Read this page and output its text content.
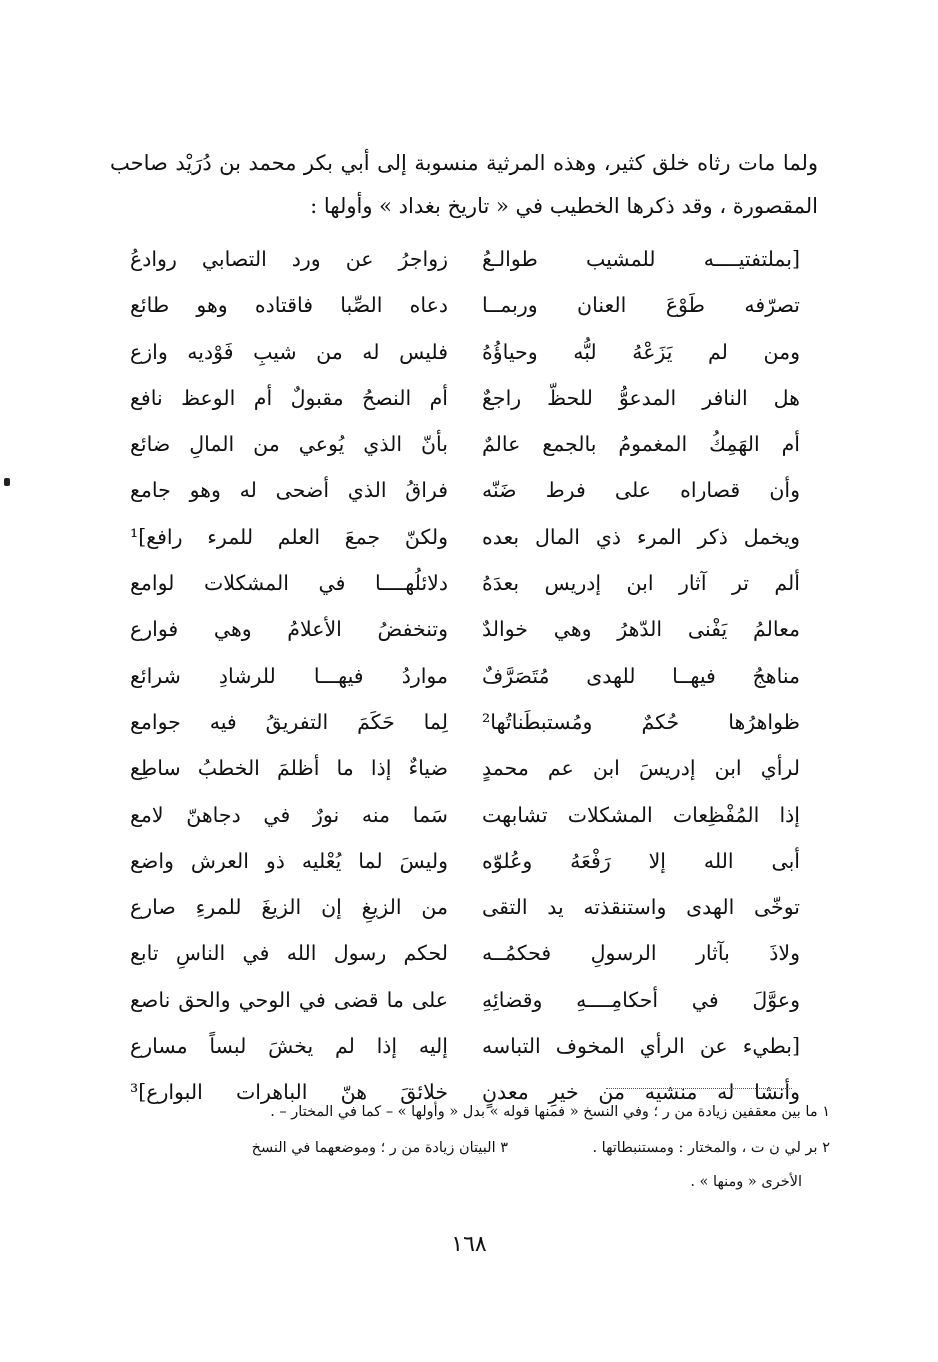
ولما مات رثاه خلق كثير، وهذه المرثية منسوبة إلى أبي بكر محمد بن دُرَيْد صاحب المقصورة ، وقد ذكرها الخطيب في « تاريخ بغداد » وأولها :
[بملتفتيــــه للمشيب طوالـعُ
زواجرُ عن ورد التصابي روادعُ
تصرّفه طَوْعَ العنان وربمــا
دعاه الصِّبا فاقتاده وهو طائع
ومن لم يَزَعْهُ لبُّه وحياؤُهُ
فليس له من شيبِ فَوْديه وازع
هل النافر المدعوُّ للحظّ راجعٌ
أم النصحُ مقبولٌ أم الوعظ نافع
أم الهَمِكُ المغمومُ بالجمع عالمٌ
بأنّ الذي يُوعي من المالِ ضائع
وأن قصاراه على فرط ضَنّه
فراقُ الذي أضحى له وهو جامع
ويخمل ذكر المرء ذي المال بعده
ولكنّ جمعَ العلم للمرء رافع]¹
ألم تر آثار ابن إدريس بعدَهُ
دلائلُهــــا في المشكلات لوامع
معالمُ يَفْنى الدّهرُ وهي خوالدٌ
وتنخفضُ الأعلامُ وهي فوارع
مناهجُ فيهــا للهدى مُتَصَرَّفٌ
مواردُ فيهـــا للرشادِ شرائع
ظواهرُها حُكمٌ ومُستبطَناتُها²
لِما حَكَمَ التفريقُ فيه جوامع
لرأي ابن إدريسَ ابن عم محمدٍ
ضياءٌ إذا ما أظلمَ الخطبُ ساطِع
إذا المُفْظِعات المشكلات تشابهت
سَما منه نورٌ في دجاهنّ لامع
أبى الله إلا رَفْعَهُ وعُلوّه
وليسَ لما يُعْليه ذو العرش واضع
توخّى الهدى واستنقذته يد التقى
من الزيغِ إن الزيغَ للمرءِ صارع
ولاذَ بآثار الرسولِ فحكمُــه
لحكم رسول الله في الناسِ تابع
وعوَّلَ في أحكامِــــهِ وقضائِهِ
على ما قضى في الوحي والحق ناصع
[بطيء عن الرأي المخوف التباسه
إليه إذا لم يخشَ لبساً مسارع
وأنشا له منشيه من خيرِ معدنٍ
خلائقَ هنّ الباهرات البوارع]³
١ ما بين معقفين زيادة من ر ؛ وفي النسخ « فمنها قوله » بدل « وأولها » – كما في المختار – .
٢ بر لي ن ت ، والمختار : ومستنبطاتها .
٣ البيتان زيادة من ر ؛ وموضعهما في النسخ
الأخرى « ومنها » .
١٦٨
